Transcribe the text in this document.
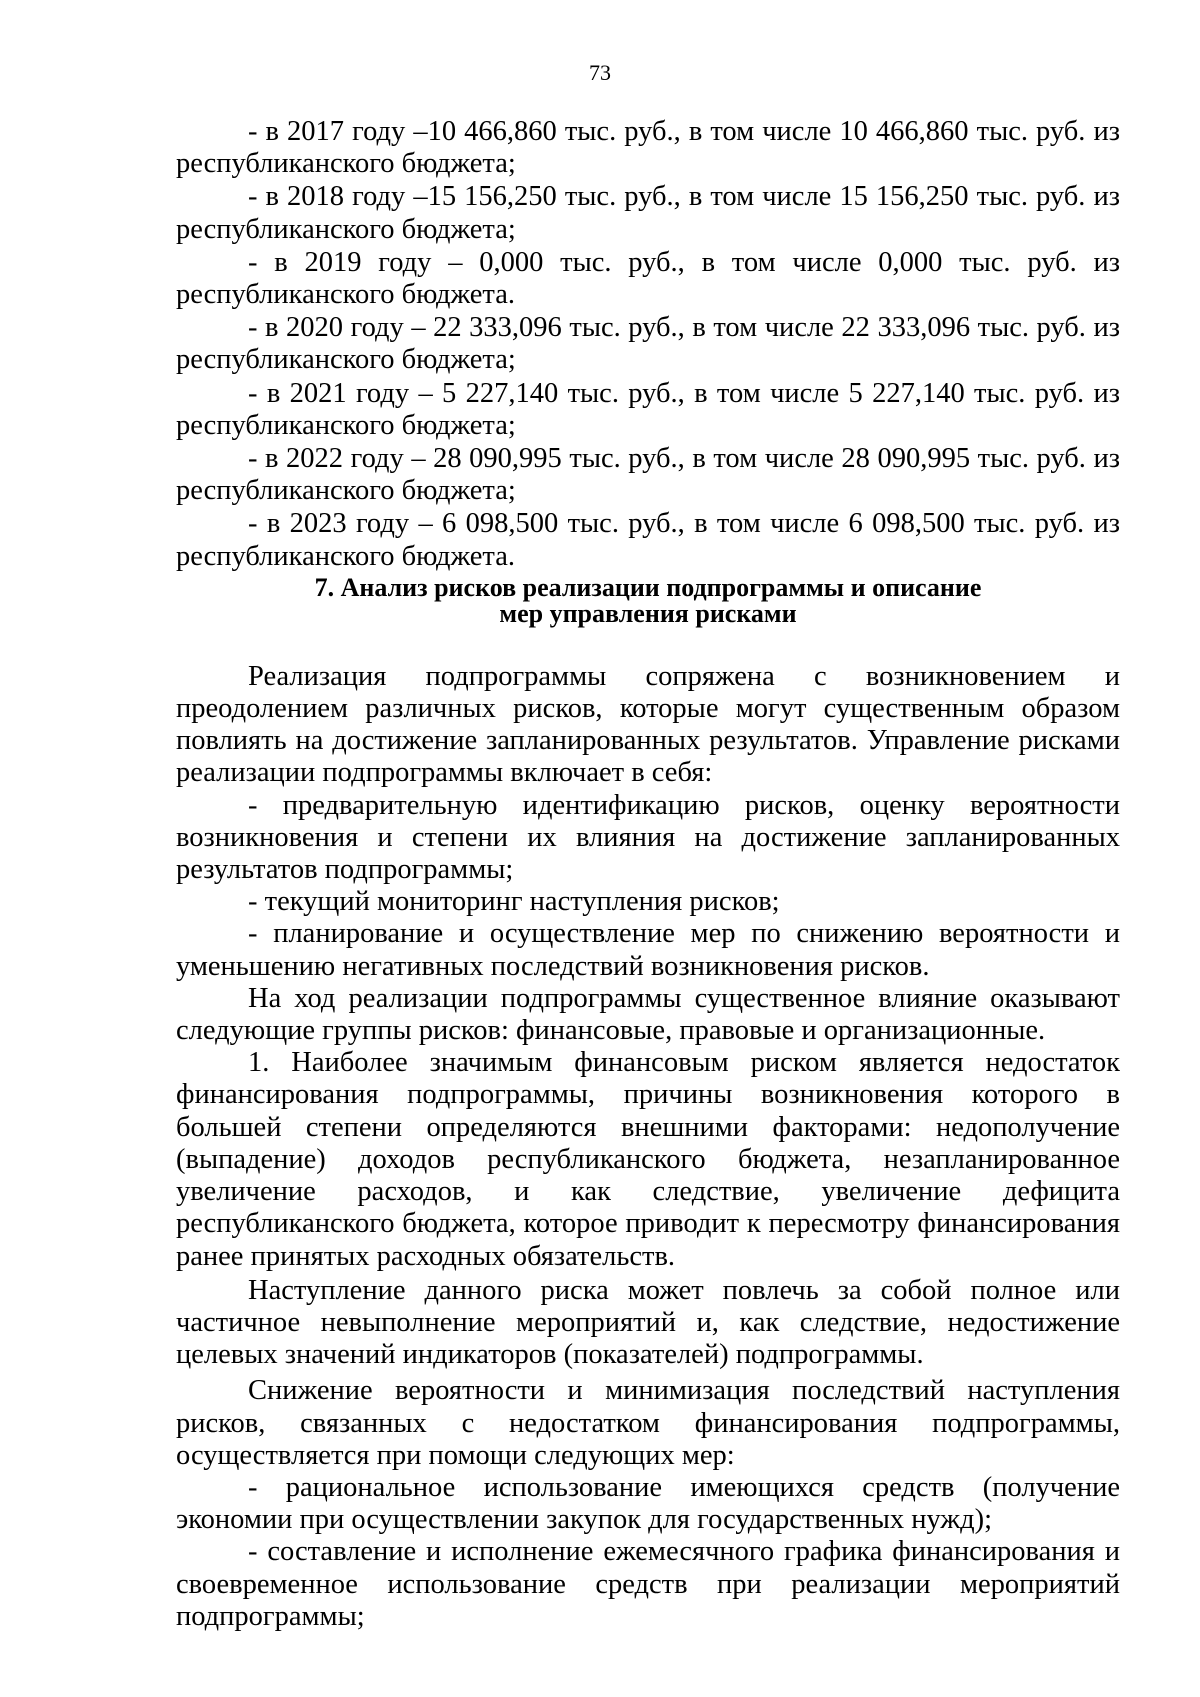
73

- в 2017 году –10 466,860 тыс. руб., в том числе 10 466,860 тыс. руб. из республиканского бюджета;

- в 2018 году –15 156,250 тыс. руб., в том числе 15 156,250 тыс. руб. из республиканского бюджета;

- в 2019 году – 0,000 тыс. руб., в том числе 0,000 тыс. руб. из республиканского бюджета.

- в 2020 году – 22 333,096 тыс. руб., в том числе 22 333,096 тыс. руб. из республиканского бюджета;

- в 2021 году – 5 227,140 тыс. руб., в том числе 5 227,140 тыс. руб. из республиканского бюджета;

- в 2022 году – 28 090,995 тыс. руб., в том числе 28 090,995 тыс. руб. из республиканского бюджета;

- в 2023 году – 6 098,500 тыс. руб., в том числе 6 098,500 тыс. руб. из республиканского бюджета.

7. Анализ рисков реализации подпрограммы и описание

мер управления рисками

Реализация подпрограммы сопряжена с возникновением и преодолением различных рисков, которые могут существенным образом повлиять на достижение запланированных результатов. Управление рисками реализации подпрограммы включает в себя:

- предварительную идентификацию рисков, оценку вероятности возникновения и степени их влияния на достижение запланированных результатов подпрограммы;

- текущий мониторинг наступления рисков;

- планирование и осуществление мер по снижению вероятности и уменьшению негативных последствий возникновения рисков.

На ход реализации подпрограммы существенное влияние оказывают следующие группы рисков: финансовые, правовые и организационные.

1. Наиболее значимым финансовым риском является недостаток финансирования подпрограммы, причины возникновения которого в большей степени определяются внешними факторами: недополучение (выпадение) доходов республиканского бюджета, незапланированное увеличение расходов, и как следствие, увеличение дефицита республиканского бюджета, которое приводит к пересмотру финансирования ранее принятых расходных обязательств.

Наступление данного риска может повлечь за собой полное или частичное невыполнение мероприятий и, как следствие, недостижение целевых значений индикаторов (показателей) подпрограммы.

Снижение вероятности и минимизация последствий наступления рисков, связанных с недостатком финансирования подпрограммы, осуществляется при помощи следующих мер:

- рациональное использование имеющихся средств (получение экономии при осуществлении закупок для государственных нужд);

- составление и исполнение ежемесячного графика финансирования и своевременное использование средств при реализации мероприятий подпрограммы;
